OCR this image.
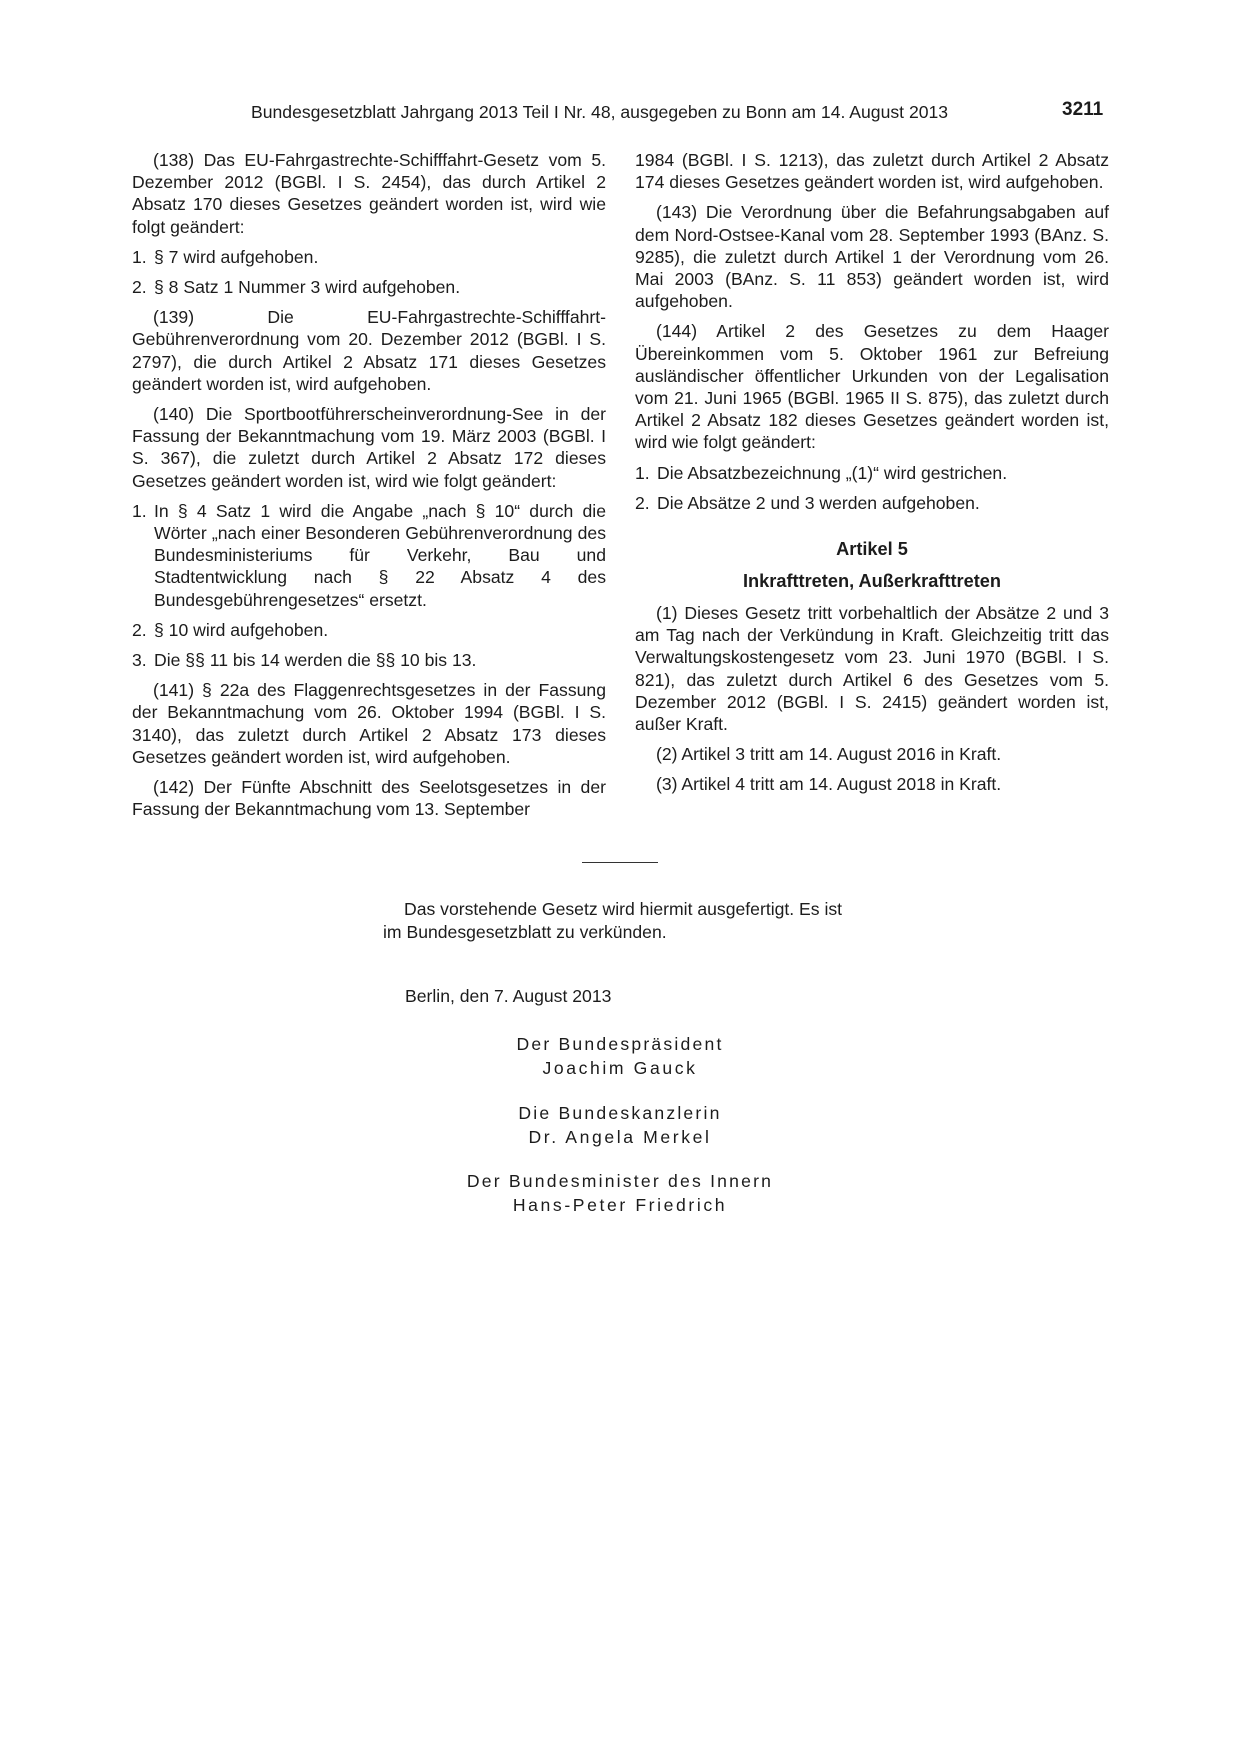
Bundesgesetzblatt Jahrgang 2013 Teil I Nr. 48, ausgegeben zu Bonn am 14. August 2013	3211

(138) Das EU-Fahrgastrechte-Schifffahrt-Gesetz vom 5. Dezember 2012 (BGBl. I S. 2454), das durch Artikel 2 Absatz 170 dieses Gesetzes geändert worden ist, wird wie folgt geändert:

1. § 7 wird aufgehoben.

2. § 8 Satz 1 Nummer 3 wird aufgehoben.

(139) Die EU-Fahrgastrechte-Schifffahrt-Gebührenverordnung vom 20. Dezember 2012 (BGBl. I S. 2797), die durch Artikel 2 Absatz 171 dieses Gesetzes geändert worden ist, wird aufgehoben.

(140) Die Sportbootführerscheinverordnung-See in der Fassung der Bekanntmachung vom 19. März 2003 (BGBl. I S. 367), die zuletzt durch Artikel 2 Absatz 172 dieses Gesetzes geändert worden ist, wird wie folgt geändert:

1. In § 4 Satz 1 wird die Angabe „nach § 10“ durch die Wörter „nach einer Besonderen Gebührenverordnung des Bundesministeriums für Verkehr, Bau und Stadtentwicklung nach § 22 Absatz 4 des Bundesgebührengesetzes“ ersetzt.

2. § 10 wird aufgehoben.

3. Die §§ 11 bis 14 werden die §§ 10 bis 13.

(141) § 22a des Flaggenrechtsgesetzes in der Fassung der Bekanntmachung vom 26. Oktober 1994 (BGBl. I S. 3140), das zuletzt durch Artikel 2 Absatz 173 dieses Gesetzes geändert worden ist, wird aufgehoben.

(142) Der Fünfte Abschnitt des Seelotsgesetzes in der Fassung der Bekanntmachung vom 13. September

1984 (BGBl. I S. 1213), das zuletzt durch Artikel 2 Absatz 174 dieses Gesetzes geändert worden ist, wird aufgehoben.

(143) Die Verordnung über die Befahrungsabgaben auf dem Nord-Ostsee-Kanal vom 28. September 1993 (BAnz. S. 9285), die zuletzt durch Artikel 1 der Verordnung vom 26. Mai 2003 (BAnz. S. 11 853) geändert worden ist, wird aufgehoben.

(144) Artikel 2 des Gesetzes zu dem Haager Übereinkommen vom 5. Oktober 1961 zur Befreiung ausländischer öffentlicher Urkunden von der Legalisation vom 21. Juni 1965 (BGBl. 1965 II S. 875), das zuletzt durch Artikel 2 Absatz 182 dieses Gesetzes geändert worden ist, wird wie folgt geändert:

1. Die Absatzbezeichnung „(1)“ wird gestrichen.

2. Die Absätze 2 und 3 werden aufgehoben.

Artikel 5
Inkrafttreten, Außerkrafttreten

(1) Dieses Gesetz tritt vorbehaltlich der Absätze 2 und 3 am Tag nach der Verkündung in Kraft. Gleichzeitig tritt das Verwaltungskostengesetz vom 23. Juni 1970 (BGBl. I S. 821), das zuletzt durch Artikel 6 des Gesetzes vom 5. Dezember 2012 (BGBl. I S. 2415) geändert worden ist, außer Kraft.

(2) Artikel 3 tritt am 14. August 2016 in Kraft.

(3) Artikel 4 tritt am 14. August 2018 in Kraft.

Das vorstehende Gesetz wird hiermit ausgefertigt. Es ist im Bundesgesetzblatt zu verkünden.
Berlin, den 7. August 2013
Der Bundespräsident
Joachim Gauck
Die Bundeskanzlerin
Dr. Angela Merkel
Der Bundesminister des Innern
Hans-Peter Friedrich
